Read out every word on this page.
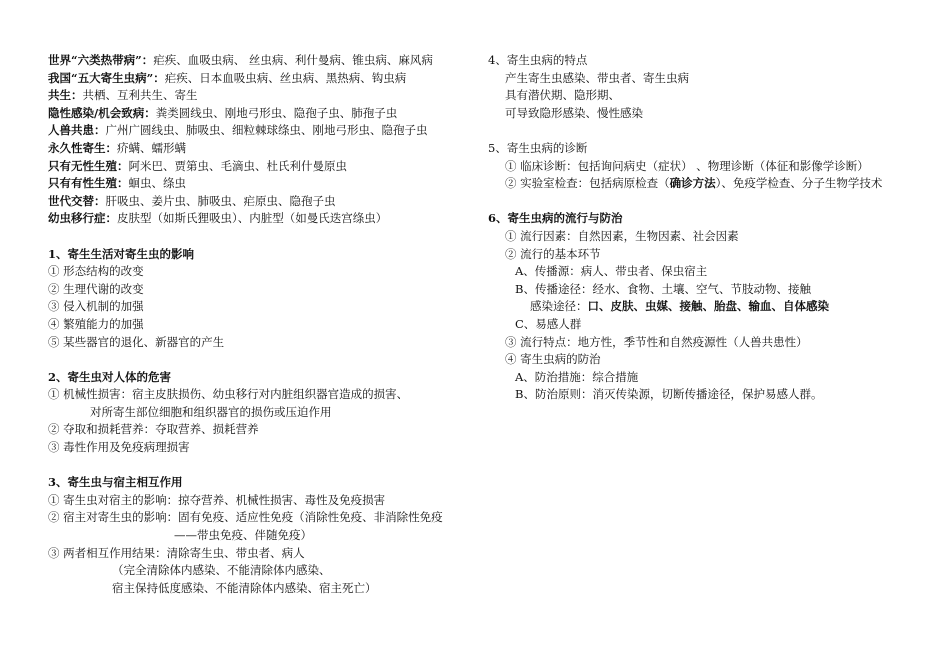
世界“六类热带病”：疟疾、血吸虫病、 丝虫病、利什曼病、锥虫病、麻风病
我国“五大寄生虫病”：疟疾、日本血吸虫病、丝虫病、黑热病、钩虫病
共生：共栖、互利共生、寄生
隐性感染/机会致病：粪类圆线虫、刚地弓形虫、隐孢子虫、肺孢子虫
人兽共患：广州广圆线虫、肺吸虫、细粒棘球绦虫、刚地弓形虫、隐孢子虫
永久性寄生：疥螨、蠕形螨
只有无性生殖：阿米巴、贾第虫、毛滴虫、杜氏利什曼原虫
只有有性生殖：蛔虫、绦虫
世代交替：肝吸虫、姜片虫、肺吸虫、疟原虫、隐孢子虫
幼虫移行症：皮肤型（如斯氏狸吸虫）、内脏型（如曼氏迭宫绦虫）
1、寄生生活对寄生虫的影响
① 形态结构的改变
② 生理代谢的改变
③ 侵入机制的加强
④ 繁殖能力的加强
⑤ 某些器官的退化、新器官的产生
2、寄生虫对人体的危害
① 机械性损害：宿主皮肤损伤、幼虫移行对内脏组织器官造成的损害、
对所寄生部位细胞和组织器官的损伤或压迫作用
② 夺取和损耗营养：夺取营养、损耗营养
③ 毒性作用及免疫病理损害
3、寄生虫与宿主相互作用
① 寄生虫对宿主的影响：掠夺营养、机械性损害、毒性及免疫损害
② 宿主对寄生虫的影响：固有免疫、适应性免疫（消除性免疫、非消除性免疫
——带虫免疫、伴随免疫）
③ 两者相互作用结果：清除寄生虫、带虫者、病人
（完全清除体内感染、不能清除体内感染、
宿主保持低度感染、不能清除体内感染、宿主死亡）
4、寄生虫病的特点
产生寄生虫感染、带虫者、寄生虫病
具有潜伏期、隐形期、
可导致隐形感染、慢性感染
5、寄生虫病的诊断
① 临床诊断：包括询问病史（症状） 、物理诊断（体征和影像学诊断）
② 实验室检查：包括病原检查（确诊方法）、免疫学检查、分子生物学技术
6、寄生虫病的流行与防治
① 流行因素：自然因素，生物因素、社会因素
② 流行的基本环节
A、传播源：病人、带虫者、保虫宿主
B、传播途径：经水、食物、土壤、空气、节肢动物、接触
感染途径：口、皮肤、虫媒、接触、胎盘、输血、自体感染
C、易感人群
③ 流行特点：地方性，季节性和自然疫源性（人兽共患性）
④ 寄生虫病的防治
A、防治措施：综合措施
B、防治原则：消灭传染源，切断传播途径，保护易感人群。
